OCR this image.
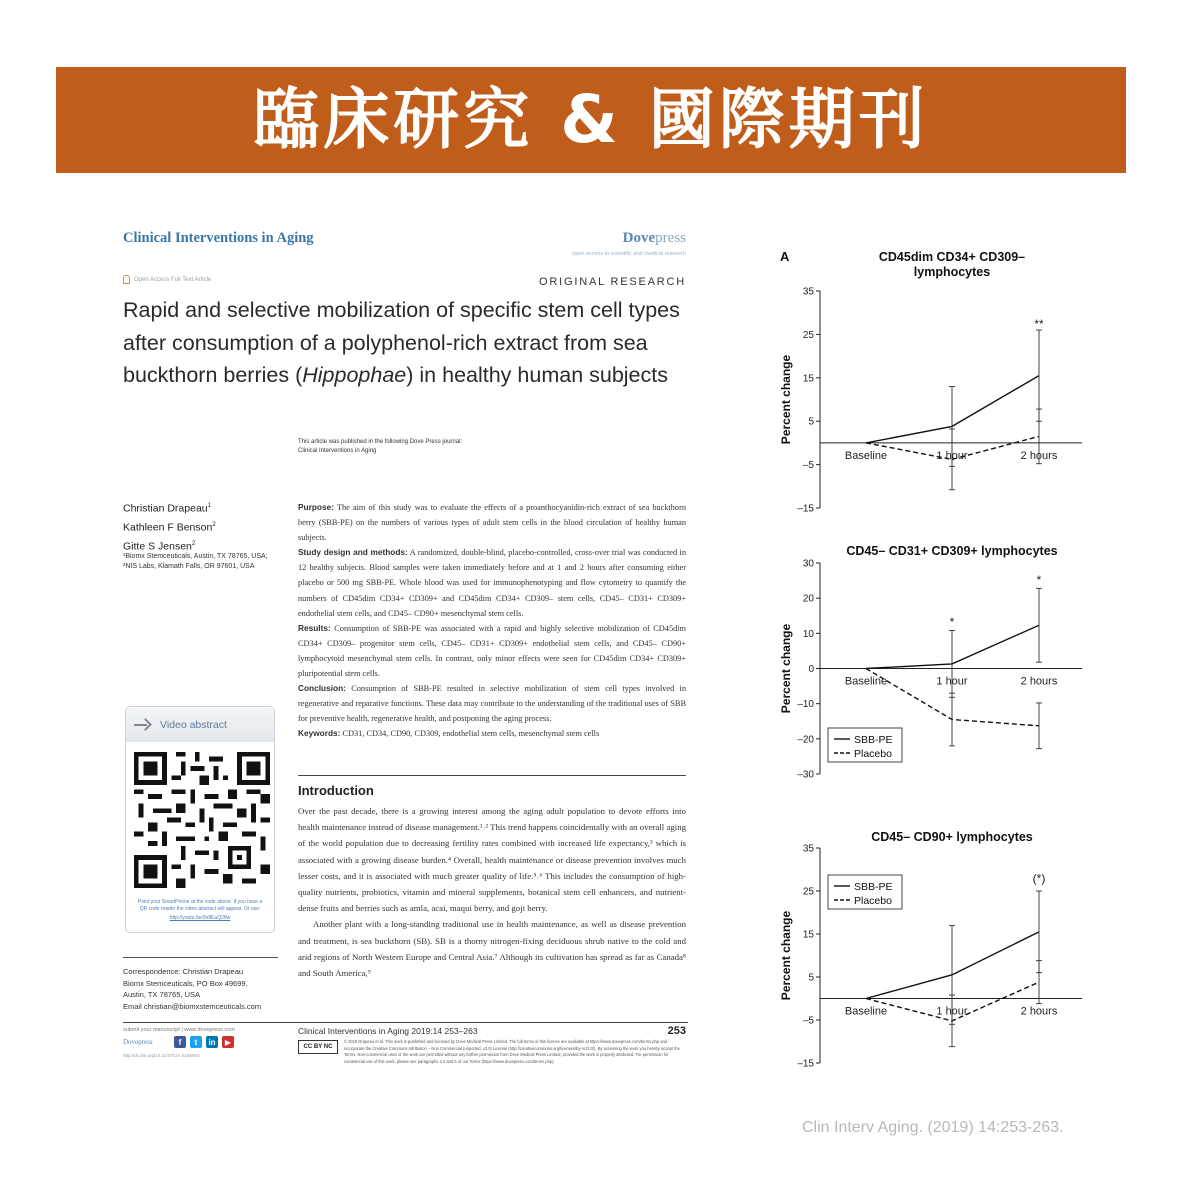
臨床研究 & 國際期刊
Clinical Interventions in Aging	Dovepress
open access to scientific and medical research
Open Access Full Text Article	ORIGINAL RESEARCH
Rapid and selective mobilization of specific stem cell types after consumption of a polyphenol-rich extract from sea buckthorn berries (Hippophae) in healthy human subjects
This article was published in the following Dove Press journal:
Clinical Interventions in Aging
Christian Drapeau$^1$
Kathleen F Benson$^2$
Gitte S Jensen$^2$
¹Biomx Stemceuticals, Austin, TX 78765, USA; ²NIS Labs, Klamath Falls, OR 97601, USA
Video abstract
Point your SmartPhone at the code above. If you have a QR code reader the video abstract will appear. Or use:
http://youtu.be/0n8EuQ2Ifw
Correspondence: Christian Drapeau
Biomx Stemceuticals, PO Box 49699,
Austin, TX 78765, USA
Email christian@biomxstemceuticals.com
Purpose: The aim of this study was to evaluate the effects of a proanthocyanidin-rich extract of sea buckthorn berry (SBB-PE) on the numbers of various types of adult stem cells in the blood circulation of healthy human subjects.
Study design and methods: A randomized, double-blind, placebo-controlled, cross-over trial was conducted in 12 healthy subjects. Blood samples were taken immediately before and at 1 and 2 hours after consuming either placebo or 500 mg SBB-PE. Whole blood was used for immunophenotyping and flow cytometry to quantify the numbers of CD45dim CD34+ CD309+ and CD45dim CD34+ CD309– stem cells, CD45– CD31+ CD309+ endothelial stem cells, and CD45– CD90+ mesenchymal stem cells.
Results: Consumption of SBB-PE was associated with a rapid and highly selective mobilization of CD45dim CD34+ CD309– progenitor stem cells, CD45– CD31+ CD309+ endothelial stem cells, and CD45– CD90+ lymphocytoid mesenchymal stem cells. In contrast, only minor effects were seen for CD45dim CD34+ CD309+ pluripotential stem cells.
Conclusion: Consumption of SBB-PE resulted in selective mobilization of stem cell types involved in regenerative and reparative functions. These data may contribute to the understanding of the traditional uses of SBB for preventive health, regenerative health, and postponing the aging process.
Keywords: CD31, CD34, CD90, CD309, endothelial stem cells, mesenchymal stem cells
Introduction

Over the past decade, there is a growing interest among the aging adult population to devote efforts into health maintenance instead of disease management.¹˒² This trend happens coincidentally with an overall aging of the world population due to decreasing fertility rates combined with increased life expectancy,³ which is associated with a growing disease burden.⁴ Overall, health maintenance or disease prevention involves much lesser costs, and it is associated with much greater quality of life.⁵˒⁶ This includes the consumption of high-quality nutrients, probiotics, vitamin and mineral supplements, botanical stem cell enhancers, and nutrient-dense fruits and berries such as amla, acai, maqui berry, and goji berry.

Another plant with a long-standing traditional use in health maintenance, as well as disease prevention and treatment, is sea buckthorn (SB). SB is a thorny nitrogen-fixing deciduous shrub native to the cold and arid regions of North Western Europe and Central Asia.⁷ Although its cultivation has spread as far as Canada⁸ and South America,⁹

submit your manuscript | www.dovepress.com
Dovepress	f	t	in	▶
http://dx.doi.org/10.2147/CIA.S186893
Clinical Interventions in Aging 2019:14 253–263	253
CC BY NC
© 2019 Drapeau et al. This work is published and licensed by Dove Medical Press Limited. The full terms of this license are available at https://www.dovepress.com/terms.php and incorporate the Creative Commons Attribution – Non Commercial (unported, v3.0) License (http://creativecommons.org/licenses/by-nc/3.0/). By accessing the work you hereby accept the Terms. Non-commercial uses of the work are permitted without any further permission from Dove Medical Press Limited, provided the work is properly attributed. For permission for commercial use of this work, please see paragraphs 4.2 and 5 of our Terms (https://www.dovepress.com/terms.php).
A	CD45dim CD34+ CD309–
lymphocytes
35
25
15
5
–5
–15
Percent change
Baseline	1 hour	2 hours
**
CD45– CD31+ CD309+ lymphocytes
30
20
10
0
–10
–20
–30
Percent change	Baseline	1 hour	2 hours
*
*
SBB-PE
Placebo
CD45– CD90+ lymphocytes
35
25
15
5
–5
–15
Percent change
Baseline	1 hour	2 hours
(*)
SBB-PE
Placebo
Clin Interv Aging. (2019) 14:253-263.
